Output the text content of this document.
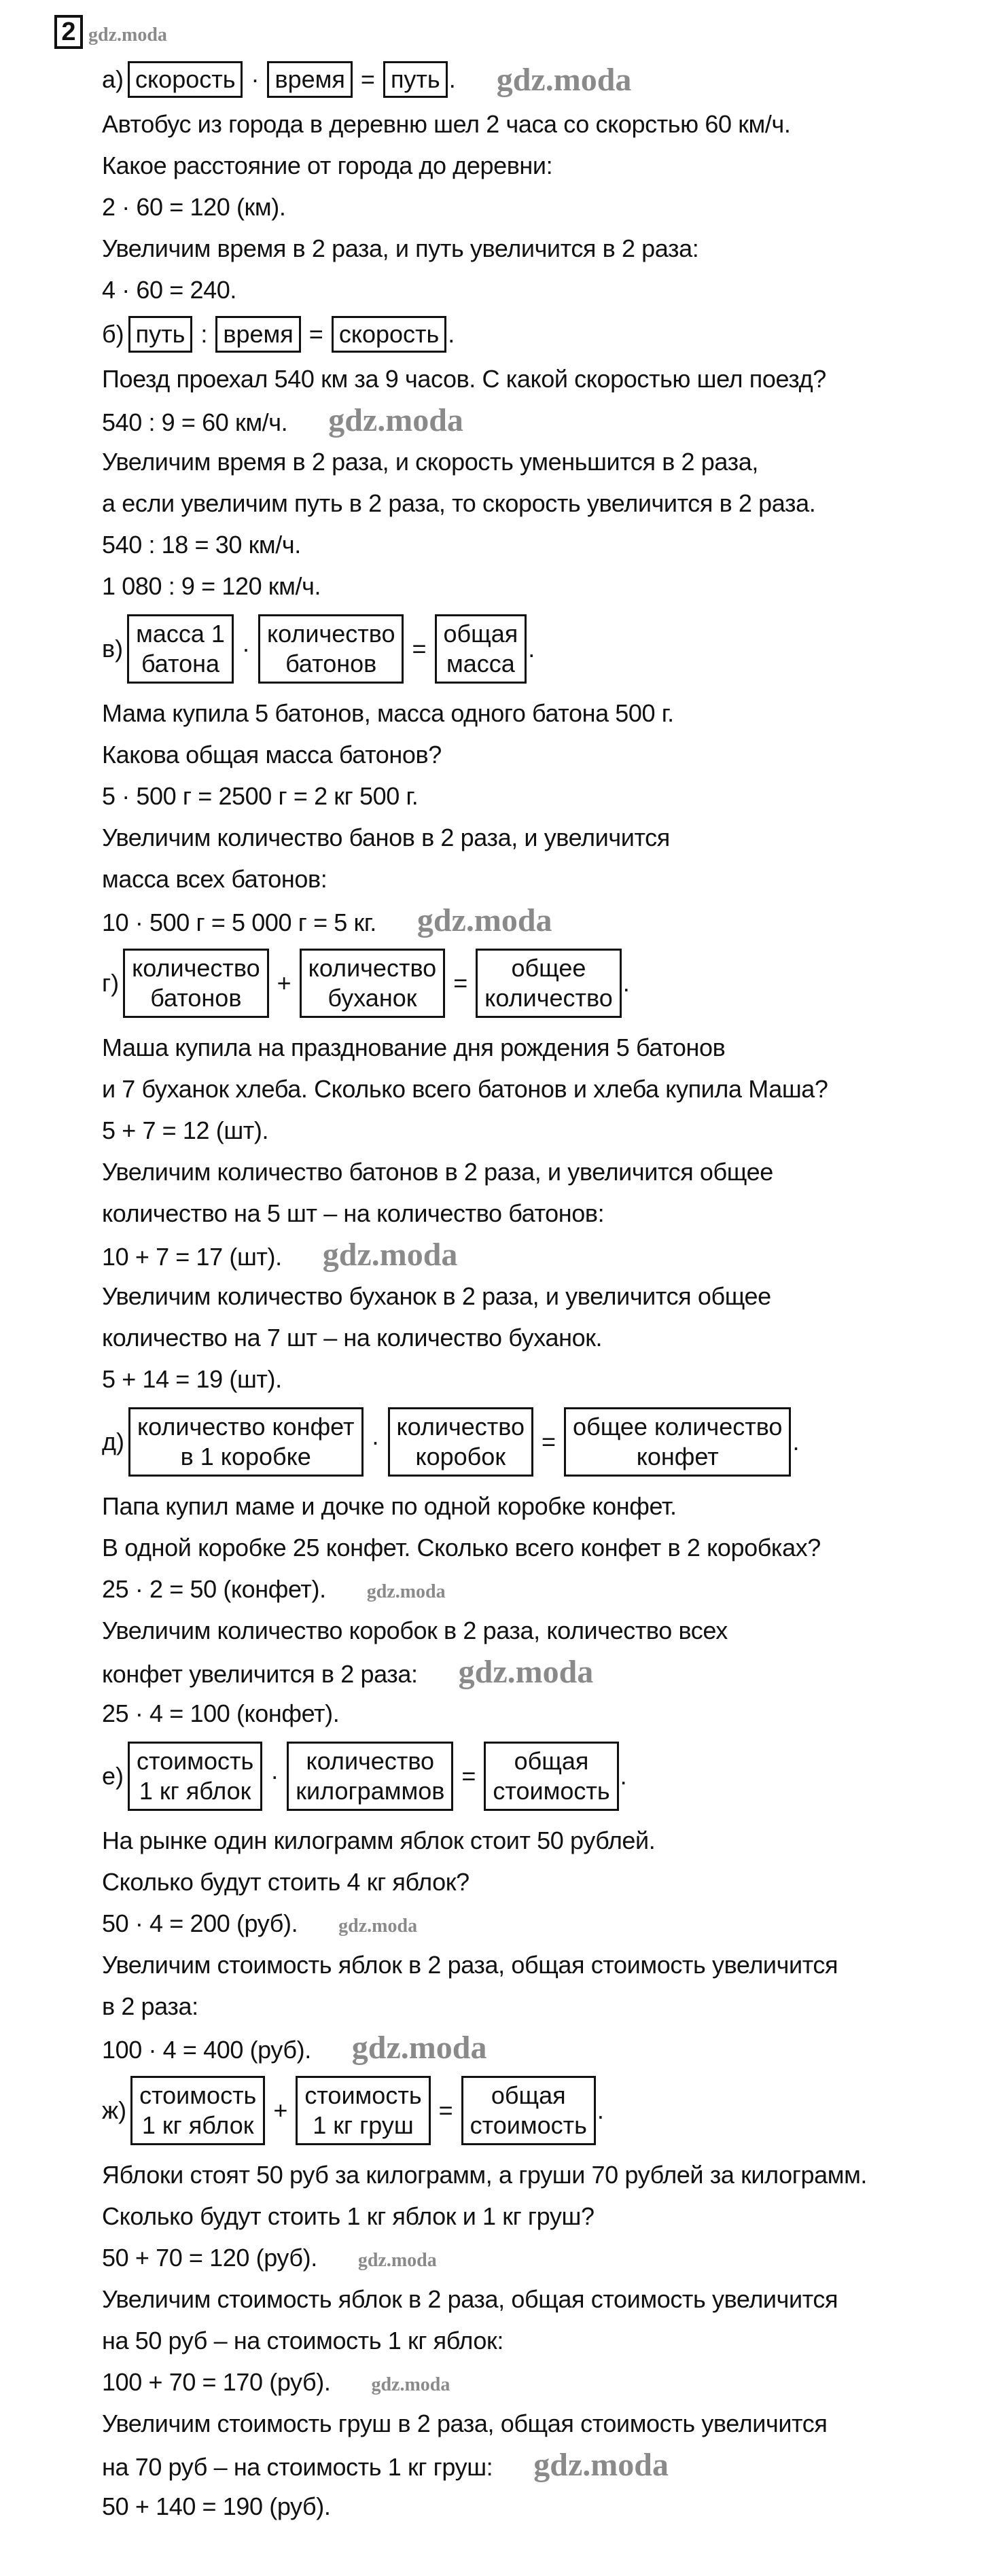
2
а) скорость · время = путь . gdz.moda
Автобус из города в деревню шел 2 часа со скорстью 60 км/ч.
Какое расстояние от города до деревни:
2 · 60 = 120 (км).
Увеличим время в 2 раза, и путь увеличится в 2 раза:
4 · 60 = 240.
б) путь : время = скорость .
Поезд проехал 540 км за 9 часов. С какой скоростью шел поезд?
540 : 9 = 60 км/ч. gdz.moda
Увеличим время в 2 раза, и скорость уменьшится в 2 раза,
а если увеличим путь в 2 раза, то скорость увеличится в 2 раза.
540 : 18 = 30 км/ч.
1 080 : 9 = 120 км/ч.
в)
масса 1
батона
·
количество
батонов
=
общая
масса
.
Мама купила 5 батонов, масса одного батона 500 г.
Какова общая масса батонов?
5 · 500 г = 2500 г = 2 кг 500 г.
Увеличим количество банов в 2 раза, и увеличится
масса всех батонов:
10 · 500 г = 5 000 г = 5 кг. gdz.moda
г)
количество
батонов
+
количество
буханок
=
общее
количество
.
Маша купила на празднование дня рождения 5 батонов
и 7 буханок хлеба. Сколько всего батонов и хлеба купила Маша?
5 + 7 = 12 (шт).
Увеличим количество батонов в 2 раза, и увеличится общее
количество на 5 шт – на количество батонов:
10 + 7 = 17 (шт). gdz.moda
Увеличим количество буханок в 2 раза, и увеличится общее
количество на 7 шт – на количество буханок.
5 + 14 = 19 (шт).
д)
количество конфет
в 1 коробке
·
количество
коробок
=
общее количество
конфет
.
Папа купил маме и дочке по одной коробке конфет.
В одной коробке 25 конфет. Сколько всего конфет в 2 коробках?
25 · 2 = 50 (конфет). gdz.moda
Увеличим количество коробок в 2 раза, количество всех
конфет увеличится в 2 раза: gdz.moda
25 · 4 = 100 (конфет).
е)
стоимость
1 кг яблок
·
количество
килограммов
=
общая
стоимость
.
На рынке один килограмм яблок стоит 50 рублей.
Сколько будут стоить 4 кг яблок?
50 · 4 = 200 (руб). gdz.moda
Увеличим стоимость яблок в 2 раза, общая стоимость увеличится
в 2 раза:
100 · 4 = 400 (руб). gdz.moda
ж)
стоимость
1 кг яблок
+
стоимость
1 кг груш
=
общая
стоимость
.
Яблоки стоят 50 руб за килограмм, а груши 70 рублей за килограмм.
Сколько будут стоить 1 кг яблок и 1 кг груш?
50 + 70 = 120 (руб). gdz.moda
Увеличим стоимость яблок в 2 раза, общая стоимость увеличится
на 50 руб – на стоимость 1 кг яблок:
100 + 70 = 170 (руб). gdz.moda
Увеличим стоимость груш в 2 раза, общая стоимость увеличится
на 70 руб – на стоимость 1 кг груш: gdz.moda
50 + 140 = 190 (руб).
gdz.moda
